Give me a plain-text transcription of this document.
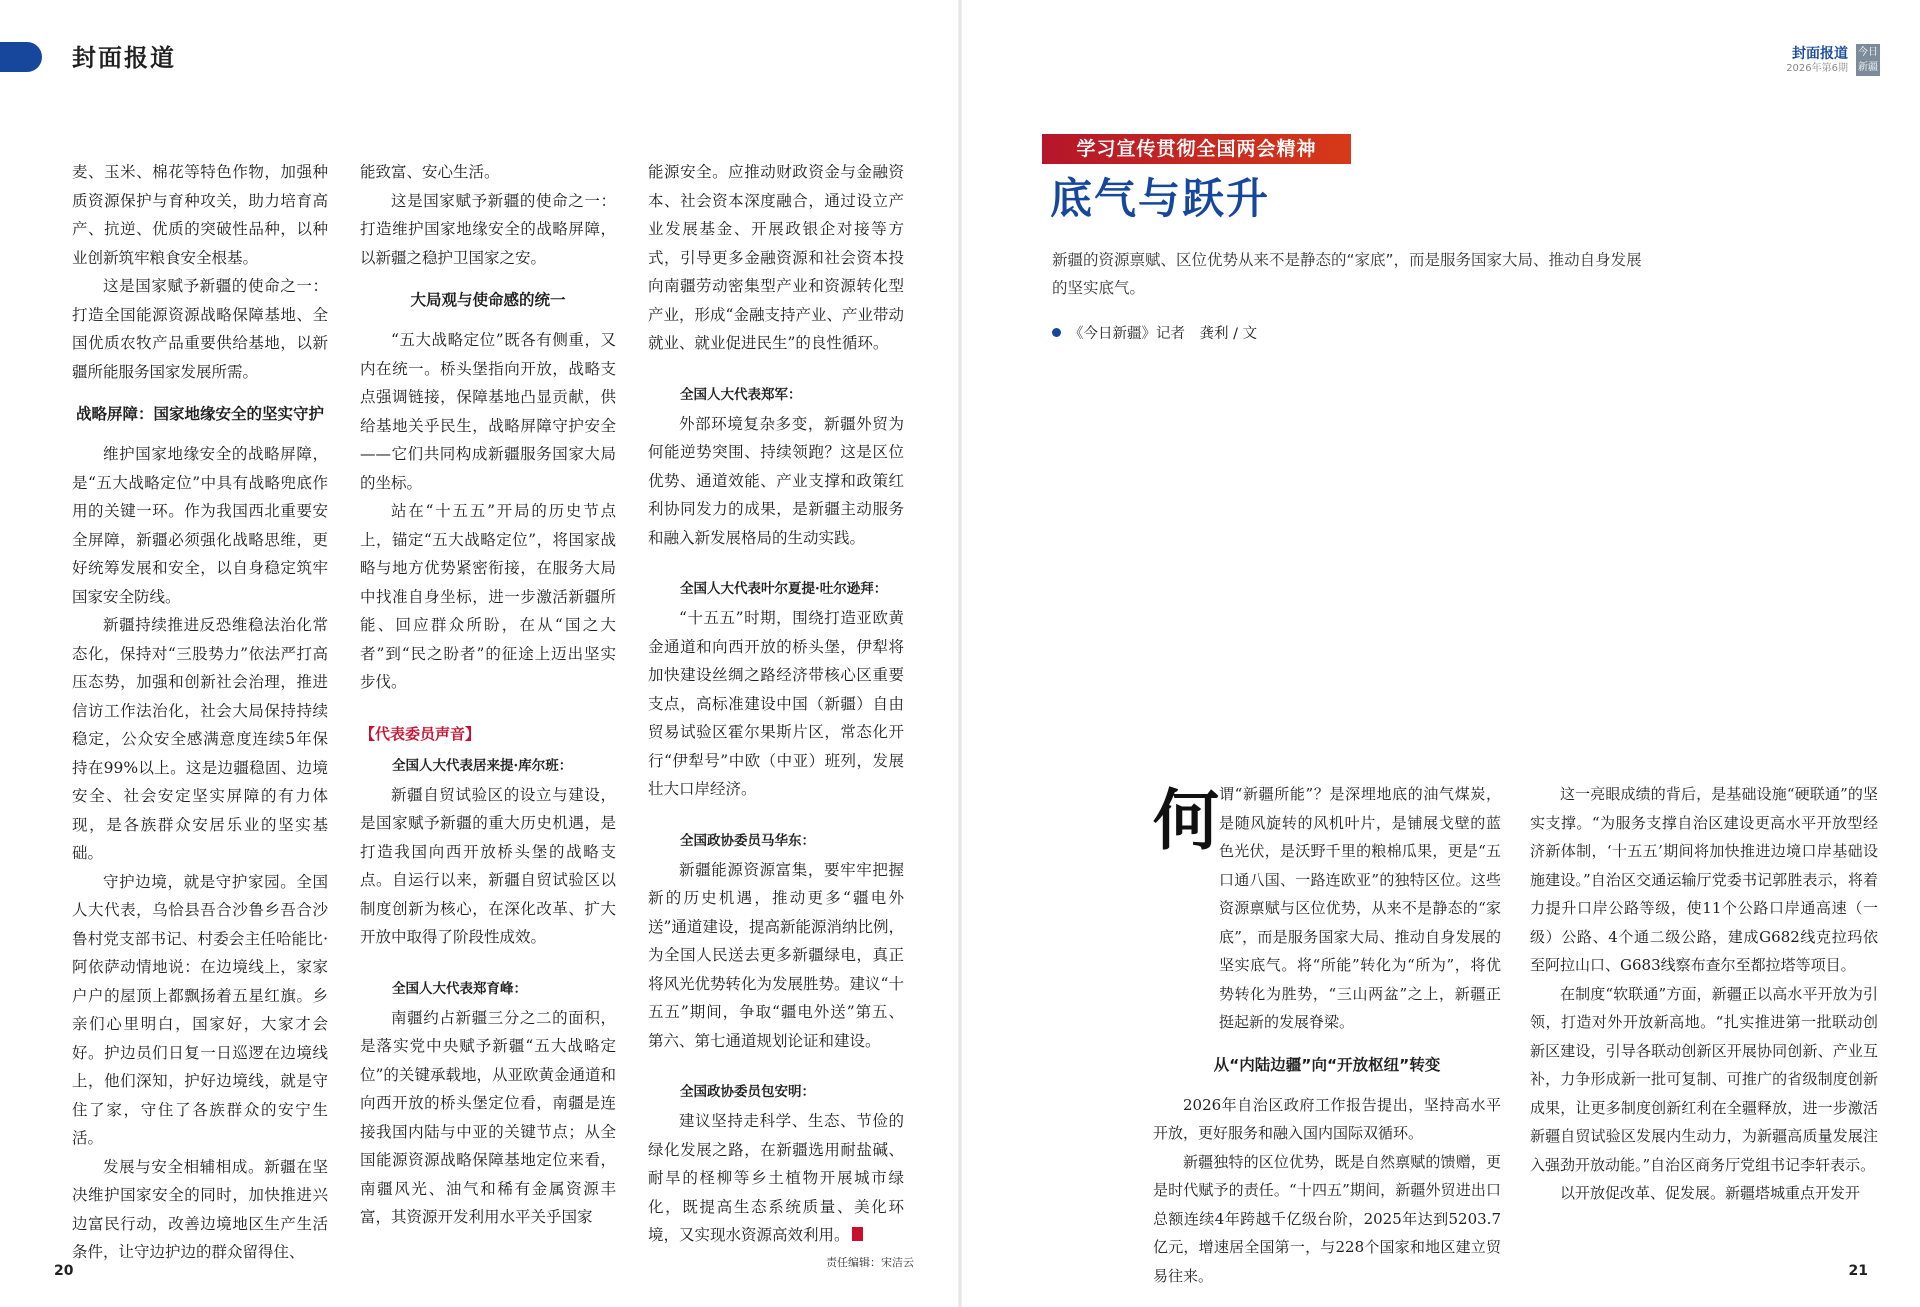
封面报道	封面报道
2026年第6期
今日新疆

麦、玉米、棉花等特色作物，加强种质资源保护与育种攻关，助力培育高产、抗逆、优质的突破性品种，以种业创新筑牢粮食安全根基。

这是国家赋予新疆的使命之一：打造全国能源资源战略保障基地、全国优质农牧产品重要供给基地，以新疆所能服务国家发展所需。

战略屏障：国家地缘安全的坚实守护

维护国家地缘安全的战略屏障，是“五大战略定位”中具有战略兜底作用的关键一环。作为我国西北重要安全屏障，新疆必须强化战略思维，更好统筹发展和安全，以自身稳定筑牢国家安全防线。

新疆持续推进反恐维稳法治化常态化，保持对“三股势力”依法严打高压态势，加强和创新社会治理，推进信访工作法治化，社会大局保持持续稳定，公众安全感满意度连续5年保持在99%以上。这是边疆稳固、边境安全、社会安定坚实屏障的有力体现，是各族群众安居乐业的坚实基础。

守护边境，就是守护家园。全国人大代表，乌恰县吾合沙鲁乡吾合沙鲁村党支部书记、村委会主任哈能比·阿依萨动情地说：在边境线上，家家户户的屋顶上都飘扬着五星红旗。乡亲们心里明白，国家好，大家才会好。护边员们日复一日巡逻在边境线上，他们深知，护好边境线，就是守住了家，守住了各族群众的安宁生活。

发展与安全相辅相成。新疆在坚决维护国家安全的同时，加快推进兴边富民行动，改善边境地区生产生活条件，让守边护边的群众留得住、

能致富、安心生活。

这是国家赋予新疆的使命之一：打造维护国家地缘安全的战略屏障，以新疆之稳护卫国家之安。

大局观与使命感的统一

“五大战略定位”既各有侧重，又内在统一。桥头堡指向开放，战略支点强调链接，保障基地凸显贡献，供给基地关乎民生，战略屏障守护安全——它们共同构成新疆服务国家大局的坐标。

站在“十五五”开局的历史节点上，锚定“五大战略定位”，将国家战略与地方优势紧密衔接，在服务大局中找准自身坐标，进一步激活新疆所能、回应群众所盼，在从“国之大者”到“民之盼者”的征途上迈出坚实步伐。

【代表委员声音】
全国人大代表居来提·库尔班：

新疆自贸试验区的设立与建设，是国家赋予新疆的重大历史机遇，是打造我国向西开放桥头堡的战略支点。自运行以来，新疆自贸试验区以制度创新为核心，在深化改革、扩大开放中取得了阶段性成效。

全国人大代表郑育峰：

南疆约占新疆三分之二的面积，是落实党中央赋予新疆“五大战略定位”的关键承载地，从亚欧黄金通道和向西开放的桥头堡定位看，南疆是连接我国内陆与中亚的关键节点；从全国能源资源战略保障基地定位来看，南疆风光、油气和稀有金属资源丰富，其资源开发利用水平关乎国家

能源安全。应推动财政资金与金融资本、社会资本深度融合，通过设立产业发展基金、开展政银企对接等方式，引导更多金融资源和社会资本投向南疆劳动密集型产业和资源转化型产业，形成“金融支持产业、产业带动就业、就业促进民生”的良性循环。

全国人大代表郑军：

外部环境复杂多变，新疆外贸为何能逆势突围、持续领跑？这是区位优势、通道效能、产业支撑和政策红利协同发力的成果，是新疆主动服务和融入新发展格局的生动实践。

全国人大代表叶尔夏提·吐尔逊拜：

“十五五”时期，围绕打造亚欧黄金通道和向西开放的桥头堡，伊犁将加快建设丝绸之路经济带核心区重要支点，高标准建设中国（新疆）自由贸易试验区霍尔果斯片区，常态化开行“伊犁号”中欧（中亚）班列，发展壮大口岸经济。

全国政协委员马华东：

新疆能源资源富集，要牢牢把握新的历史机遇，推动更多“疆电外送”通道建设，提高新能源消纳比例，为全国人民送去更多新疆绿电，真正将风光优势转化为发展胜势。建议“十五五”期间，争取“疆电外送”第五、第六、第七通道规划论证和建设。

全国政协委员包安明：

建议坚持走科学、生态、节俭的绿化发展之路，在新疆选用耐盐碱、耐旱的柽柳等乡土植物开展城市绿化，既提高生态系统质量、美化环境，又实现水资源高效利用。

责任编辑：宋洁云
20
学习宣传贯彻全国两会精神
底气与跃升
新疆的资源禀赋、区位优势从来不是静态的“家底”，而是服务国家大局、推动自身发展的坚实底气。
《今日新疆》记者　龚利 / 文
何 谓“新疆所能”？是深埋地底的油气煤炭，是随风旋转的风机叶片，是铺展戈壁的蓝色光伏，是沃野千里的粮棉瓜果，更是“五口通八国、一路连欧亚”的独特区位。这些资源禀赋与区位优势，从来不是静态的“家底”，而是服务国家大局、推动自身发展的坚实底气。将“所能”转化为“所为”，将优势转化为胜势，“三山两盆”之上，新疆正挺起新的发展脊梁。

从“内陆边疆”向“开放枢纽”转变

2026年自治区政府工作报告提出，坚持高水平开放，更好服务和融入国内国际双循环。

新疆独特的区位优势，既是自然禀赋的馈赠，更是时代赋予的责任。“十四五”期间，新疆外贸进出口总额连续4年跨越千亿级台阶，2025年达到5203.7亿元，增速居全国第一，与228个国家和地区建立贸易往来。

这一亮眼成绩的背后，是基础设施“硬联通”的坚实支撑。“为服务支撑自治区建设更高水平开放型经济新体制，‘十五五’期间将加快推进边境口岸基础设施建设。”自治区交通运输厅党委书记郭胜表示，将着力提升口岸公路等级，使11个公路口岸通高速（一级）公路、4个通二级公路，建成G682线克拉玛依至阿拉山口、G683线察布查尔至都拉塔等项目。

在制度“软联通”方面，新疆正以高水平开放为引领，打造对外开放新高地。“扎实推进第一批联动创新区建设，引导各联动创新区开展协同创新、产业互补，力争形成新一批可复制、可推广的省级制度创新成果，让更多制度创新红利在全疆释放，进一步激活新疆自贸试验区发展内生动力，为新疆高质量发展注入强劲开放动能。”自治区商务厅党组书记李轩表示。

以开放促改革、促发展。新疆塔城重点开发开

21
